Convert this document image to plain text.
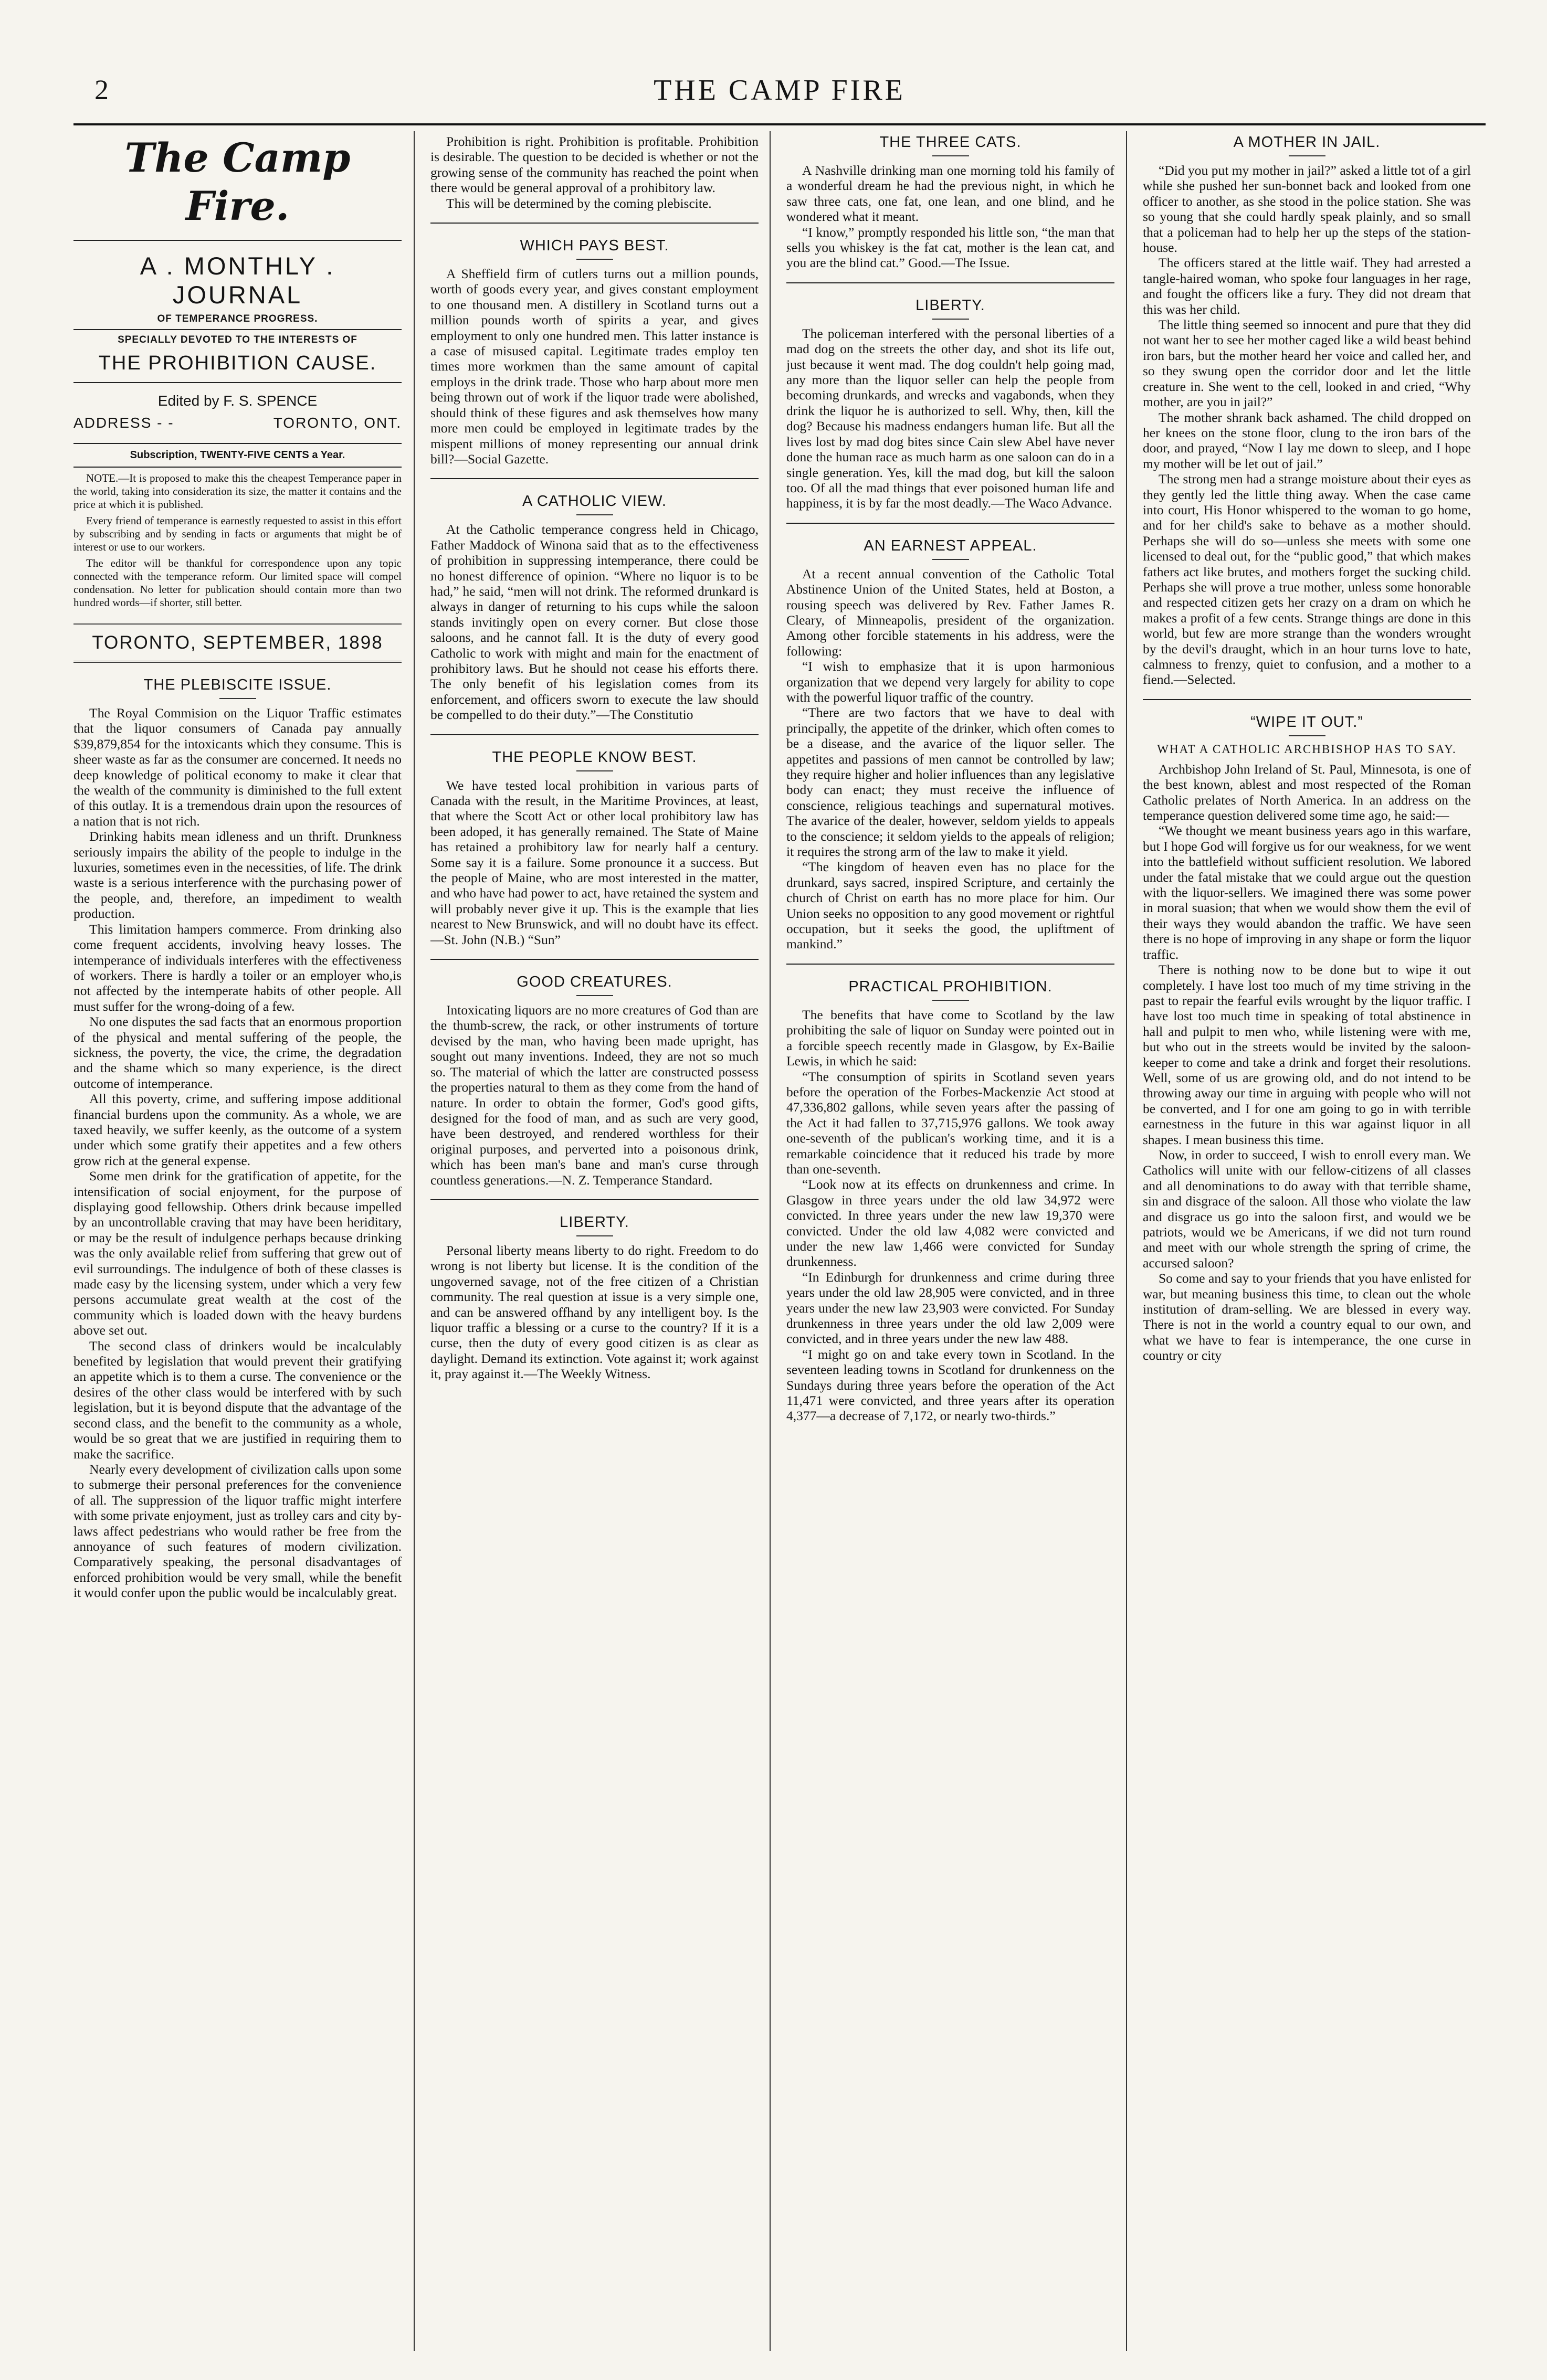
2	THE CAMP FIRE
The Camp Fire.
A . MONTHLY . JOURNAL
OF TEMPERANCE PROGRESS.
SPECIALLY DEVOTED TO THE INTERESTS OF
THE PROHIBITION CAUSE.
Edited by F. S. SPENCE
ADDRESS - -	TORONTO, ONT.
Subscription, TWENTY-FIVE CENTS a Year.

NOTE.—It is proposed to make this the cheapest Temperance paper in the world, taking into consideration its size, the matter it contains and the price at which it is published.

Every friend of temperance is earnestly requested to assist in this effort by subscribing and by sending in facts or arguments that might be of interest or use to our workers.

The editor will be thankful for correspondence upon any topic connected with the temperance reform. Our limited space will compel condensation. No letter for publication should contain more than two hundred words—if shorter, still better.

TORONTO, SEPTEMBER, 1898
THE PLEBISCITE ISSUE.

The Royal Commision on the Liquor Traffic estimates that the liquor consumers of Canada pay annually $39,879,854 for the intoxicants which they consume. This is sheer waste as far as the consumer are concerned. It needs no deep knowledge of political economy to make it clear that the wealth of the community is diminished to the full extent of this outlay. It is a tremendous drain upon the resources of a nation that is not rich.

Drinking habits mean idleness and un thrift. Drunkness seriously impairs the ability of the people to indulge in the luxuries, sometimes even in the necessities, of life. The drink waste is a serious interference with the purchasing power of the people, and, therefore, an impediment to wealth production.

This limitation hampers commerce. From drinking also come frequent accidents, involving heavy losses. The intemperance of individuals interferes with the effectiveness of workers. There is hardly a toiler or an employer who,is not affected by the intemperate habits of other people. All must suffer for the wrong-doing of a few.

No one disputes the sad facts that an enormous proportion of the physical and mental suffering of the people, the sickness, the poverty, the vice, the crime, the degradation and the shame which so many experience, is the direct outcome of intemperance.

All this poverty, crime, and suffering impose additional financial burdens upon the community. As a whole, we are taxed heavily, we suffer keenly, as the outcome of a system under which some gratify their appetites and a few others grow rich at the general expense.

Some men drink for the gratification of appetite, for the intensification of social enjoyment, for the purpose of displaying good fellowship. Others drink because impelled by an uncontrollable craving that may have been heriditary, or may be the result of indulgence perhaps because drinking was the only available relief from suffering that grew out of evil surroundings. The indulgence of both of these classes is made easy by the licensing system, under which a very few persons accumulate great wealth at the cost of the community which is loaded down with the heavy burdens above set out.

The second class of drinkers would be incalculably benefited by legislation that would prevent their gratifying an appetite which is to them a curse. The convenience or the desires of the other class would be interfered with by such legislation, but it is beyond dispute that the advantage of the second class, and the benefit to the community as a whole, would be so great that we are justified in requiring them to make the sacrifice.

Nearly every development of civilization calls upon some to submerge their personal preferences for the convenience of all. The suppression of the liquor traffic might interfere with some private enjoyment, just as trolley cars and city by-laws affect pedestrians who would rather be free from the annoyance of such features of modern civilization. Comparatively speaking, the personal disadvantages of enforced prohibition would be very small, while the benefit it would confer upon the public would be incalculably great.

Prohibition is right. Prohibition is profitable. Prohibition is desirable. The question to be decided is whether or not the growing sense of the community has reached the point when there would be general approval of a prohibitory law.

This will be determined by the coming plebiscite.

WHICH PAYS BEST.

A Sheffield firm of cutlers turns out a million pounds, worth of goods every year, and gives constant employment to one thousand men. A distillery in Scotland turns out a million pounds worth of spirits a year, and gives employment to only one hundred men. This latter instance is a case of misused capital. Legitimate trades employ ten times more workmen than the same amount of capital employs in the drink trade. Those who harp about more men being thrown out of work if the liquor trade were abolished, should think of these figures and ask themselves how many more men could be employed in legitimate trades by the mispent millions of money representing our annual drink bill?—Social Gazette.

A CATHOLIC VIEW.

At the Catholic temperance congress held in Chicago, Father Maddock of Winona said that as to the effectiveness of prohibition in suppressing intemperance, there could be no honest difference of opinion. “Where no liquor is to be had,” he said, “men will not drink. The reformed drunkard is always in danger of returning to his cups while the saloon stands invitingly open on every corner. But close those saloons, and he cannot fall. It is the duty of every good Catholic to work with might and main for the enactment of prohibitory laws. But he should not cease his efforts there. The only benefit of his legislation comes from its enforcement, and officers sworn to execute the law should be compelled to do their duty.”—The Constitutio

THE PEOPLE KNOW BEST.

We have tested local prohibition in various parts of Canada with the result, in the Maritime Provinces, at least, that where the Scott Act or other local prohibitory law has been adoped, it has generally remained. The State of Maine has retained a prohibitory law for nearly half a century. Some say it is a failure. Some pronounce it a success. But the people of Maine, who are most interested in the matter, and who have had power to act, have retained the system and will probably never give it up. This is the example that lies nearest to New Brunswick, and will no doubt have its effect.—St. John (N.B.) “Sun”

GOOD CREATURES.

Intoxicating liquors are no more creatures of God than are the thumb-screw, the rack, or other instruments of torture devised by the man, who having been made upright, has sought out many inventions. Indeed, they are not so much so. The material of which the latter are constructed possess the properties natural to them as they come from the hand of nature. In order to obtain the former, God's good gifts, designed for the food of man, and as such are very good, have been destroyed, and rendered worthless for their original purposes, and perverted into a poisonous drink, which has been man's bane and man's curse through countless generations.—N. Z. Temperance Standard.

LIBERTY.

Personal liberty means liberty to do right. Freedom to do wrong is not liberty but license. It is the condition of the ungoverned savage, not of the free citizen of a Christian community. The real question at issue is a very simple one, and can be answered offhand by any intelligent boy. Is the liquor traffic a blessing or a curse to the country? If it is a curse, then the duty of every good citizen is as clear as daylight. Demand its extinction. Vote against it; work against it, pray against it.—The Weekly Witness.

THE THREE CATS.

A Nashville drinking man one morning told his family of a wonderful dream he had the previous night, in which he saw three cats, one fat, one lean, and one blind, and he wondered what it meant.

“I know,” promptly responded his little son, “the man that sells you whiskey is the fat cat, mother is the lean cat, and you are the blind cat.” Good.—The Issue.

LIBERTY.

The policeman interfered with the personal liberties of a mad dog on the streets the other day, and shot its life out, just because it went mad. The dog couldn't help going mad, any more than the liquor seller can help the people from becoming drunkards, and wrecks and vagabonds, when they drink the liquor he is authorized to sell. Why, then, kill the dog? Because his madness endangers human life. But all the lives lost by mad dog bites since Cain slew Abel have never done the human race as much harm as one saloon can do in a single generation. Yes, kill the mad dog, but kill the saloon too. Of all the mad things that ever poisoned human life and happiness, it is by far the most deadly.—The Waco Advance.

AN EARNEST APPEAL.

At a recent annual convention of the Catholic Total Abstinence Union of the United States, held at Boston, a rousing speech was delivered by Rev. Father James R. Cleary, of Minneapolis, president of the organization. Among other forcible statements in his address, were the following:

“I wish to emphasize that it is upon harmonious organization that we depend very largely for ability to cope with the powerful liquor traffic of the country.

“There are two factors that we have to deal with principally, the appetite of the drinker, which often comes to be a disease, and the avarice of the liquor seller. The appetites and passions of men cannot be controlled by law; they require higher and holier influences than any legislative body can enact; they must receive the influence of conscience, religious teachings and supernatural motives. The avarice of the dealer, however, seldom yields to appeals to the conscience; it seldom yields to the appeals of religion; it requires the strong arm of the law to make it yield.

“The kingdom of heaven even has no place for the drunkard, says sacred, inspired Scripture, and certainly the church of Christ on earth has no more place for him. Our Union seeks no opposition to any good movement or rightful occupation, but it seeks the good, the upliftment of mankind.”

PRACTICAL PROHIBITION.

The benefits that have come to Scotland by the law prohibiting the sale of liquor on Sunday were pointed out in a forcible speech recently made in Glasgow, by Ex-Bailie Lewis, in which he said:

“The consumption of spirits in Scotland seven years before the operation of the Forbes-Mackenzie Act stood at 47,336,802 gallons, while seven years after the passing of the Act it had fallen to 37,715,976 gallons. We took away one-seventh of the publican's working time, and it is a remarkable coincidence that it reduced his trade by more than one-seventh.

“Look now at its effects on drunkenness and crime. In Glasgow in three years under the old law 34,972 were convicted. In three years under the new law 19,370 were convicted. Under the old law 4,082 were convicted and under the new law 1,466 were convicted for Sunday drunkenness.

“In Edinburgh for drunkenness and crime during three years under the old law 28,905 were convicted, and in three years under the new law 23,903 were convicted. For Sunday drunkenness in three years under the old law 2,009 were convicted, and in three years under the new law 488.

“I might go on and take every town in Scotland. In the seventeen leading towns in Scotland for drunkenness on the Sundays during three years before the operation of the Act 11,471 were convicted, and three years after its operation 4,377—a decrease of 7,172, or nearly two-thirds.”

A MOTHER IN JAIL.

“Did you put my mother in jail?” asked a little tot of a girl while she pushed her sun-bonnet back and looked from one officer to another, as she stood in the police station. She was so young that she could hardly speak plainly, and so small that a policeman had to help her up the steps of the station-house.

The officers stared at the little waif. They had arrested a tangle-haired woman, who spoke four languages in her rage, and fought the officers like a fury. They did not dream that this was her child.

The little thing seemed so innocent and pure that they did not want her to see her mother caged like a wild beast behind iron bars, but the mother heard her voice and called her, and so they swung open the corridor door and let the little creature in. She went to the cell, looked in and cried, “Why mother, are you in jail?”

The mother shrank back ashamed. The child dropped on her knees on the stone floor, clung to the iron bars of the door, and prayed, “Now I lay me down to sleep, and I hope my mother will be let out of jail.”

The strong men had a strange moisture about their eyes as they gently led the little thing away. When the case came into court, His Honor whispered to the woman to go home, and for her child's sake to behave as a mother should. Perhaps she will do so—unless she meets with some one licensed to deal out, for the “public good,” that which makes fathers act like brutes, and mothers forget the sucking child. Perhaps she will prove a true mother, unless some honorable and respected citizen gets her crazy on a dram on which he makes a profit of a few cents. Strange things are done in this world, but few are more strange than the wonders wrought by the devil's draught, which in an hour turns love to hate, calmness to frenzy, quiet to confusion, and a mother to a fiend.—Selected.

“WIPE IT OUT.”
WHAT A CATHOLIC ARCHBISHOP HAS TO SAY.

Archbishop John Ireland of St. Paul, Minnesota, is one of the best known, ablest and most respected of the Roman Catholic prelates of North America. In an address on the temperance question delivered some time ago, he said:—

“We thought we meant business years ago in this warfare, but I hope God will forgive us for our weakness, for we went into the battlefield without sufficient resolution. We labored under the fatal mistake that we could argue out the question with the liquor-sellers. We imagined there was some power in moral suasion; that when we would show them the evil of their ways they would abandon the traffic. We have seen there is no hope of improving in any shape or form the liquor traffic.

There is nothing now to be done but to wipe it out completely. I have lost too much of my time striving in the past to repair the fearful evils wrought by the liquor traffic. I have lost too much time in speaking of total abstinence in hall and pulpit to men who, while listening were with me, but who out in the streets would be invited by the saloon-keeper to come and take a drink and forget their resolutions. Well, some of us are growing old, and do not intend to be throwing away our time in arguing with people who will not be converted, and I for one am going to go in with terrible earnestness in the future in this war against liquor in all shapes. I mean business this time.

Now, in order to succeed, I wish to enroll every man. We Catholics will unite with our fellow-citizens of all classes and all denominations to do away with that terrible shame, sin and disgrace of the saloon. All those who violate the law and disgrace us go into the saloon first, and would we be patriots, would we be Americans, if we did not turn round and meet with our whole strength the spring of crime, the accursed saloon?

So come and say to your friends that you have enlisted for war, but meaning business this time, to clean out the whole institution of dram-selling. We are blessed in every way. There is not in the world a country equal to our own, and what we have to fear is intemperance, the one curse in country or city
